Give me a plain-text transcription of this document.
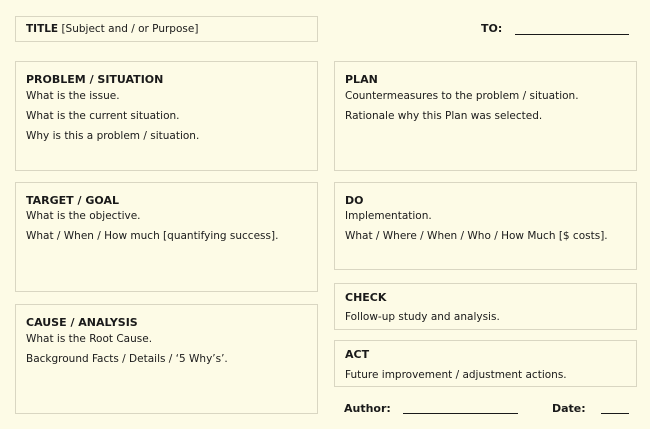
TITLE [Subject and / or Purpose]	TO:
PROBLEM / SITUATION
What is the issue.
What is the current situation.
Why is this a problem / situation.
TARGET / GOAL
What is the objective.
What / When / How much [quantifying success].
CAUSE / ANALYSIS
What is the Root Cause.
Background Facts / Details / ‘5 Why’s’.
PLAN
Countermeasures to the problem / situation.
Rationale why this Plan was selected.
DO
Implementation.
What / Where / When / Who / How Much [$ costs].
CHECK
Follow-up study and analysis.
ACT
Future improvement / adjustment actions.
Author:	Date:
